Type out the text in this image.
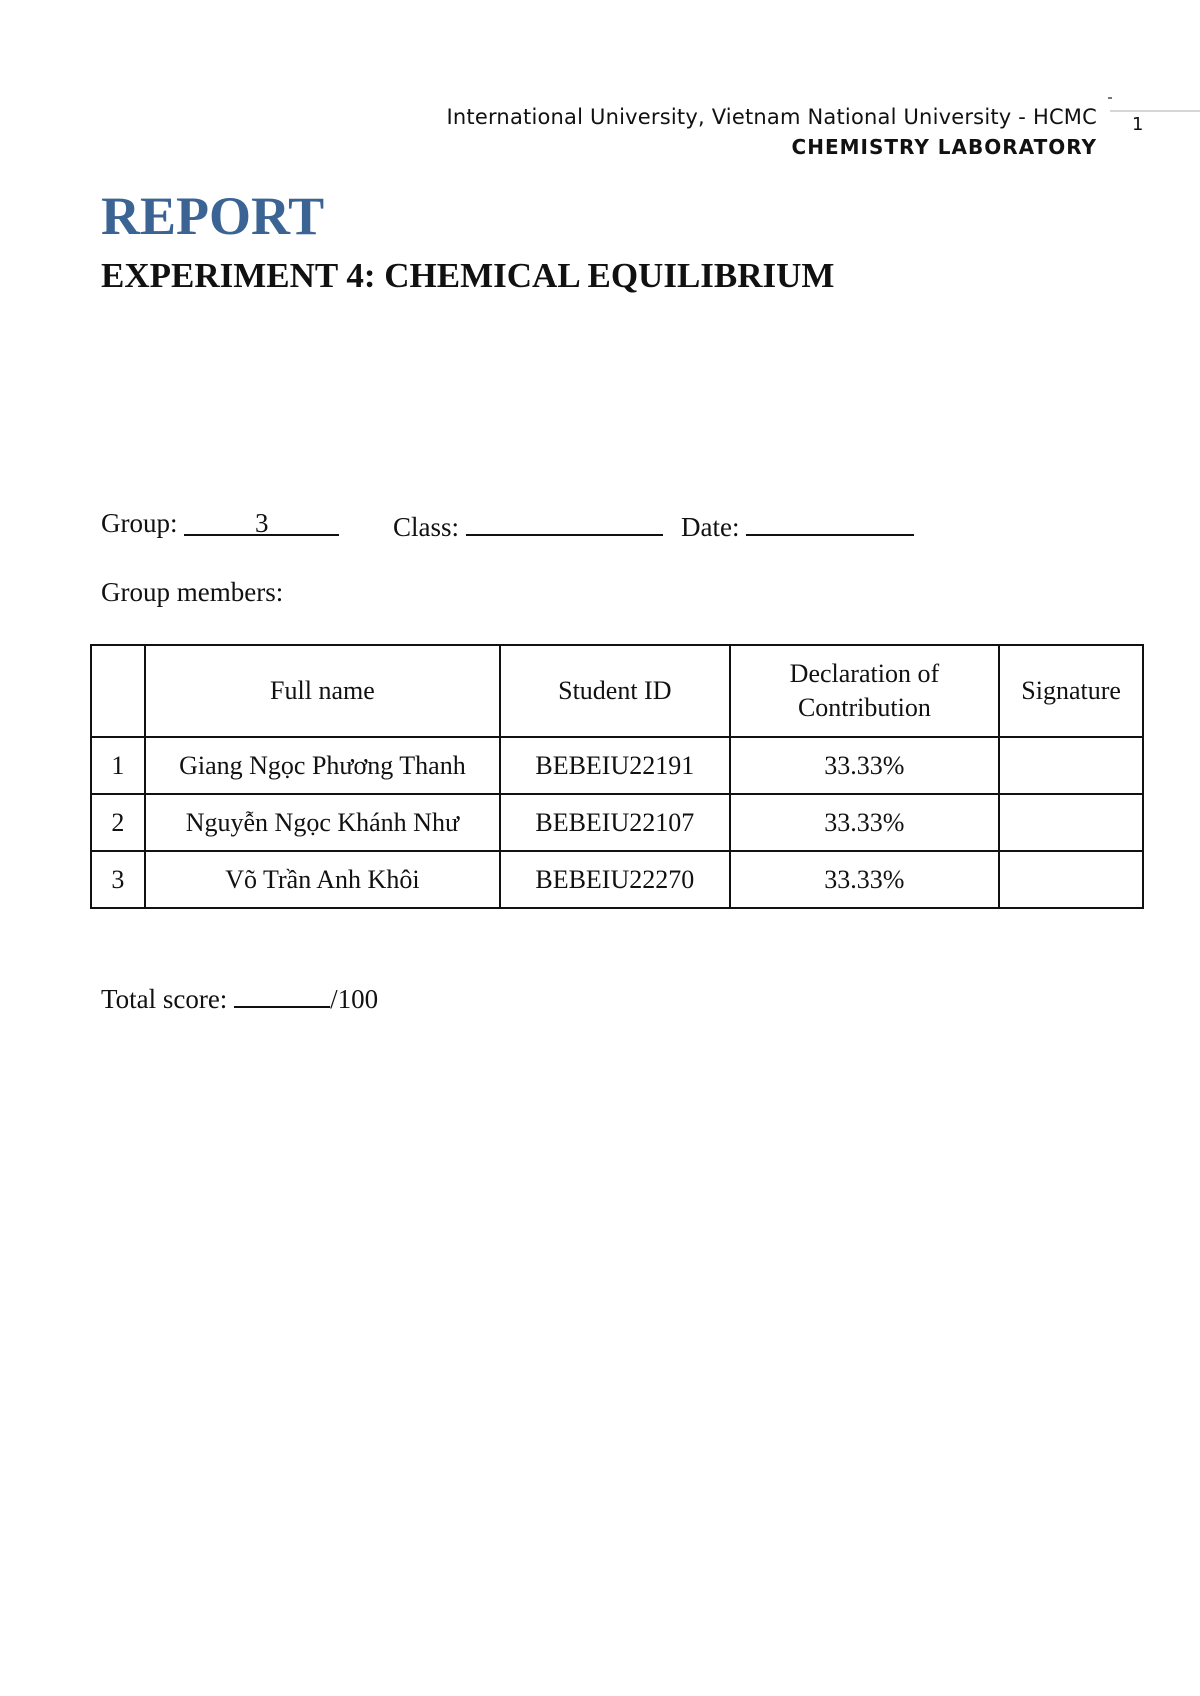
International University, Vietnam National University - HCMC
CHEMISTRY LABORATORY
1
REPORT
EXPERIMENT 4: CHEMICAL EQUILIBRIUM
Group:	3	Class:	Date:
Group members:
	Full name	Student ID	Declaration of Contribution	Signature
1	Giang Ngọc Phương Thanh	BEBEIU22191	33.33%	
2	Nguyễn Ngọc Khánh Như	BEBEIU22107	33.33%	
3	Võ Trần Anh Khôi	BEBEIU22270	33.33%	
Total score:	/100
